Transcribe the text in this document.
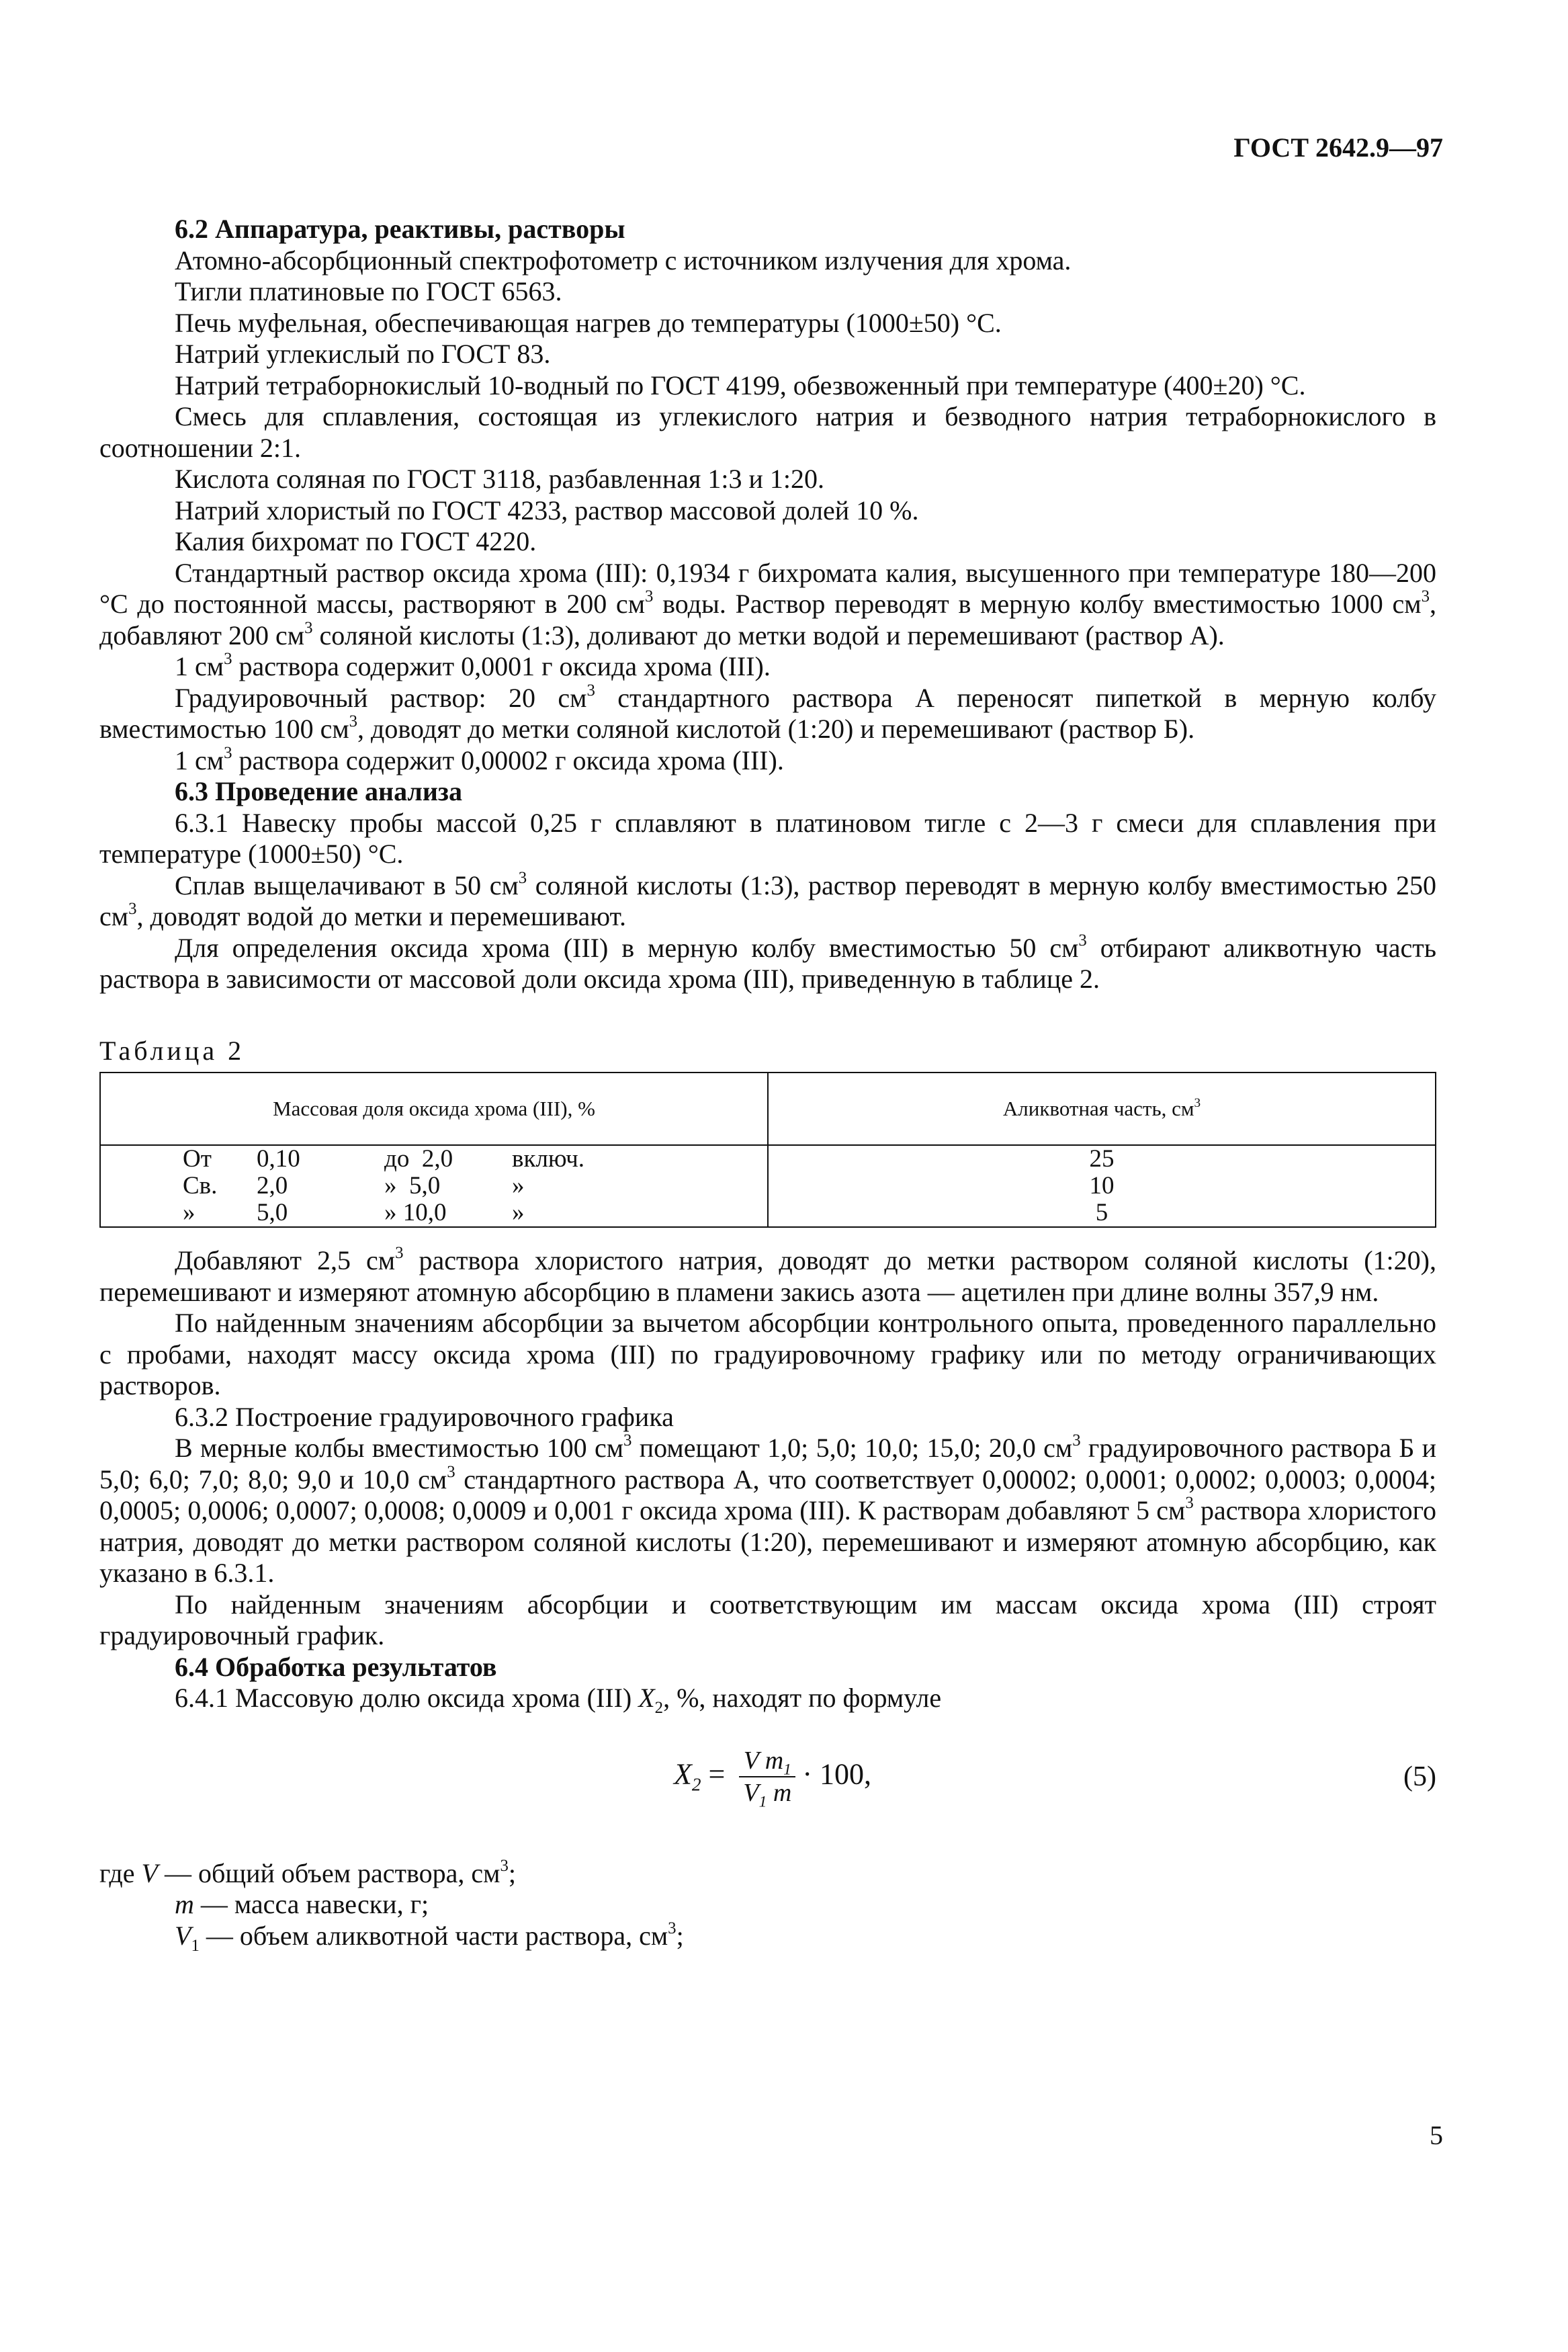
ГОСТ 2642.9—97

6.2 Аппаратура, реактивы, растворы

Атомно-абсорбционный спектрофотометр с источником излучения для хрома.

Тигли платиновые по ГОСТ 6563.

Печь муфельная, обеспечивающая нагрев до температуры (1000±50) °С.

Натрий углекислый по ГОСТ 83.

Натрий тетраборнокислый 10-водный по ГОСТ 4199, обезвоженный при температуре (400±20) °С.

Смесь для сплавления, состоящая из углекислого натрия и безводного натрия тетраборнокислого в соотношении 2:1.

Кислота соляная по ГОСТ 3118, разбавленная 1:3 и 1:20.

Натрий хлористый по ГОСТ 4233, раствор массовой долей 10 %.

Калия бихромат по ГОСТ 4220.

Стандартный раствор оксида хрома (III): 0,1934 г бихромата калия, высушенного при температуре 180—200 °С до постоянной массы, растворяют в 200 $см^3$ воды. Раствор переводят в мерную колбу вместимостью 1000 $см^3$, добавляют 200 $см^3$ соляной кислоты (1:3), доливают до метки водой и перемешивают (раствор А).

1 $см^3$ раствора содержит 0,0001 г оксида хрома (III).

Градуировочный раствор: 20 $см^3$ стандартного раствора А переносят пипеткой в мерную колбу вместимостью 100 $см^3$, доводят до метки соляной кислотой (1:20) и перемешивают (раствор Б).

1 $см^3$ раствора содержит 0,00002 г оксида хрома (III).

6.3 Проведение анализа

6.3.1 Навеску пробы массой 0,25 г сплавляют в платиновом тигле с 2—3 г смеси для сплавления при температуре (1000±50) °С.

Сплав выщелачивают в 50 $см^3$ соляной кислоты (1:3), раствор переводят в мерную колбу вместимостью 250 $см^3$, доводят водой до метки и перемешивают.

Для определения оксида хрома (III) в мерную колбу вместимостью 50 $см^3$ отбирают аликвотную часть раствора в зависимости от массовой доли оксида хрома (III), приведенную в таблице 2.

Таблица 2

Массовая доля оксида хрома (III), %	Аликвотная часть, $см^3$

От 0,10 до  2,0 включ.	25

Св. 2,0 »  5,0 »	10

» 5,0 » 10,0 »	5

Добавляют 2,5 $см^3$ раствора хлористого натрия, доводят до метки раствором соляной кислоты (1:20), перемешивают и измеряют атомную абсорбцию в пламени закись азота — ацетилен при длине волны 357,9 нм.

По найденным значениям абсорбции за вычетом абсорбции контрольного опыта, проведенного параллельно с пробами, находят массу оксида хрома (III) по градуировочному графику или по методу ограничивающих растворов.

6.3.2 Построение градуировочного графика

В мерные колбы вместимостью 100 $см^3$ помещают 1,0; 5,0; 10,0; 15,0; 20,0 $см^3$ градуировочного раствора Б и 5,0; 6,0; 7,0; 8,0; 9,0 и 10,0 $см^3$ стандартного раствора А, что соответствует 0,00002; 0,0001; 0,0002; 0,0003; 0,0004; 0,0005; 0,0006; 0,0007; 0,0008; 0,0009 и 0,001 г оксида хрома (III). К растворам добавляют 5 $см^3$ раствора хлористого натрия, доводят до метки раствором соляной кислоты (1:20), перемешивают и измеряют атомную абсорбцию, как указано в 6.3.1.

По найденным значениям абсорбции и соответствующим им массам оксида хрома (III) строят градуировочный график.

6.4 Обработка результатов

6.4.1 Массовую долю оксида хрома (III) $X_2$, %, находят по формуле

$X_2 = \frac{V m_1}{V_1 m} \cdot 100$,	(5)

где V — общий объем раствора, $см^3$;

m — масса навески, г;

$V_1$ — объем аликвотной части раствора, $см^3$;

5
